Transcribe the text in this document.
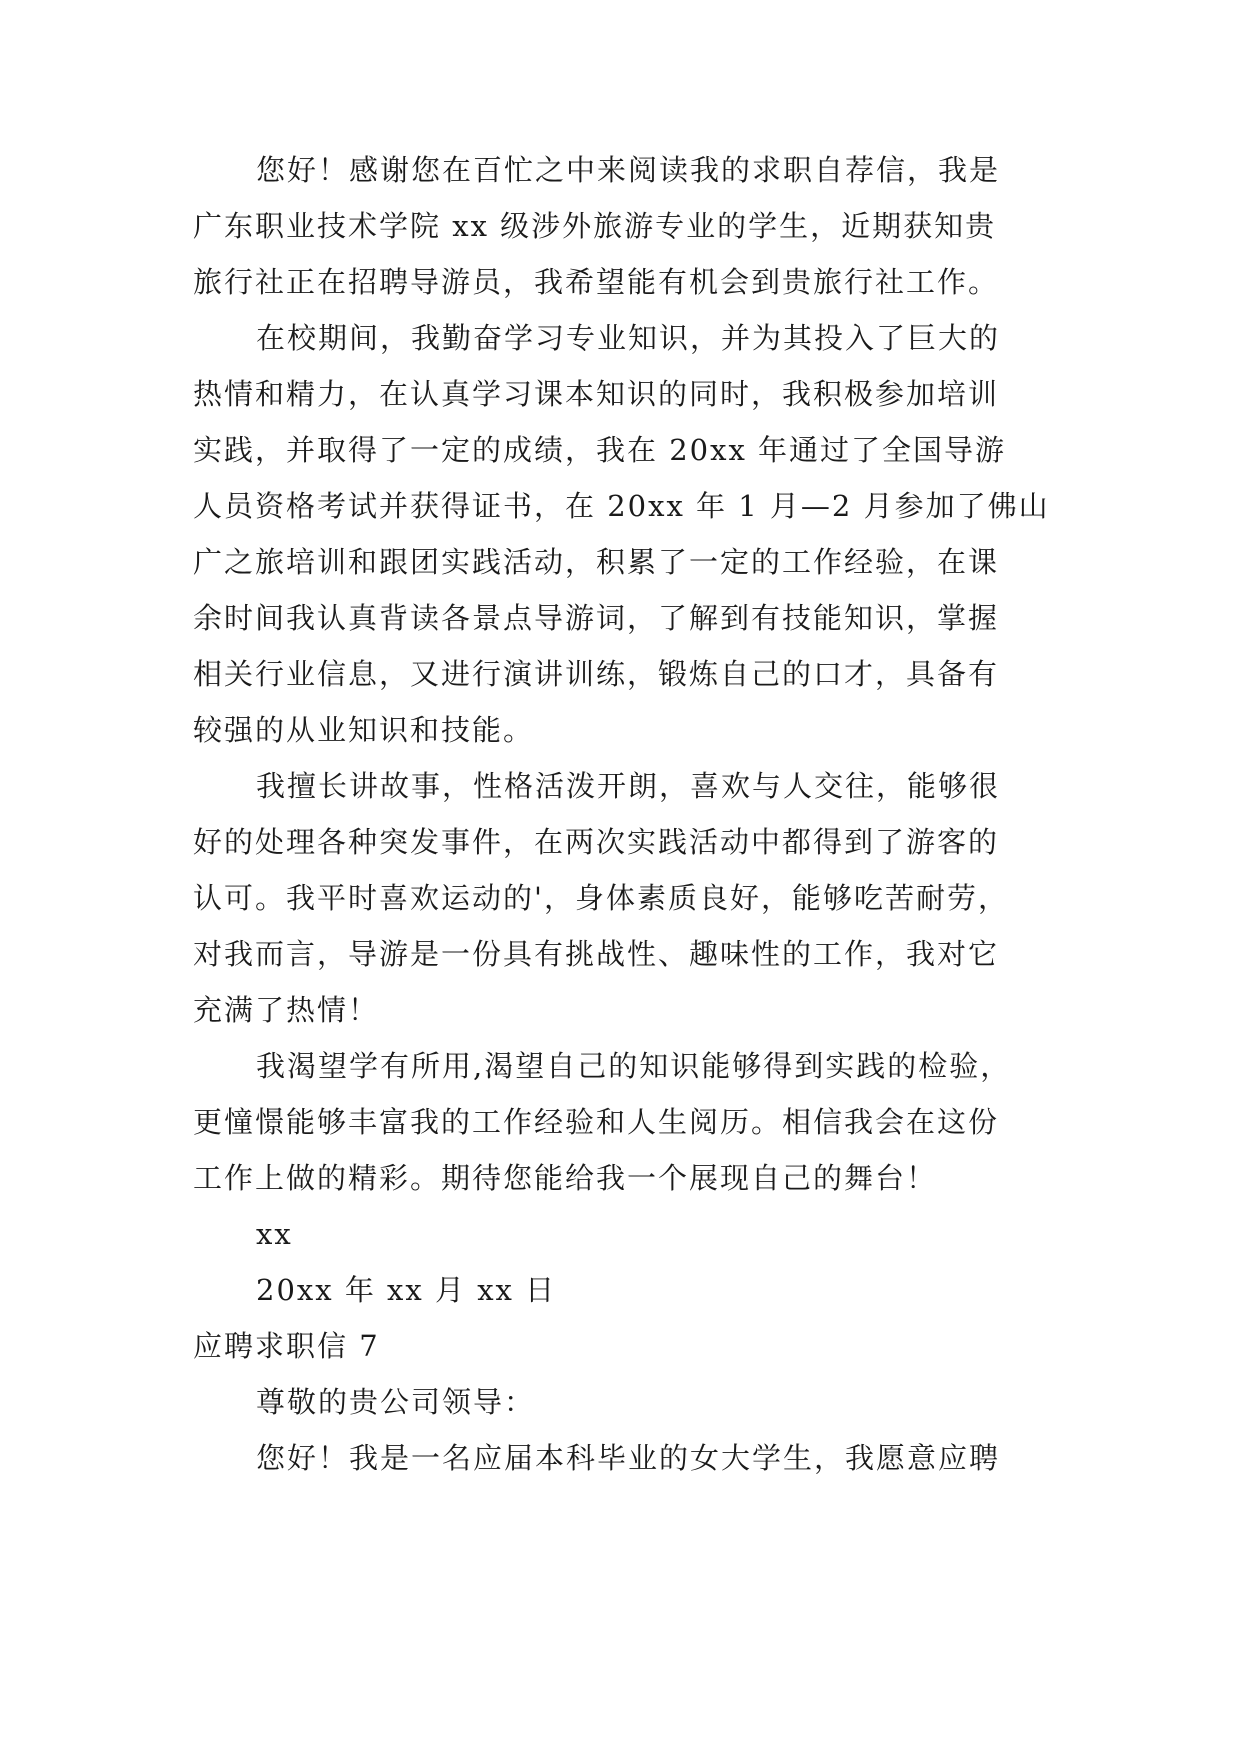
您好！感谢您在百忙之中来阅读我的求职自荐信，我是
广东职业技术学院 xx 级涉外旅游专业的学生，近期获知贵
旅行社正在招聘导游员，我希望能有机会到贵旅行社工作。
在校期间，我勤奋学习专业知识，并为其投入了巨大的
热情和精力，在认真学习课本知识的同时，我积极参加培训
实践，并取得了一定的成绩，我在 20xx 年通过了全国导游
人员资格考试并获得证书，在 20xx 年 1 月—2 月参加了佛山
广之旅培训和跟团实践活动，积累了一定的工作经验，在课
余时间我认真背读各景点导游词，了解到有技能知识，掌握
相关行业信息，又进行演讲训练，锻炼自己的口才，具备有
较强的从业知识和技能。
我擅长讲故事，性格活泼开朗，喜欢与人交往，能够很
好的处理各种突发事件，在两次实践活动中都得到了游客的
认可。我平时喜欢运动的'，身体素质良好，能够吃苦耐劳，
对我而言，导游是一份具有挑战性、趣味性的工作，我对它
充满了热情！
我渴望学有所用,渴望自己的知识能够得到实践的检验，
更憧憬能够丰富我的工作经验和人生阅历。相信我会在这份
工作上做的精彩。期待您能给我一个展现自己的舞台！
xx
20xx 年 xx 月 xx 日
应聘求职信 7
尊敬的贵公司领导：
您好！我是一名应届本科毕业的女大学生，我愿意应聘
